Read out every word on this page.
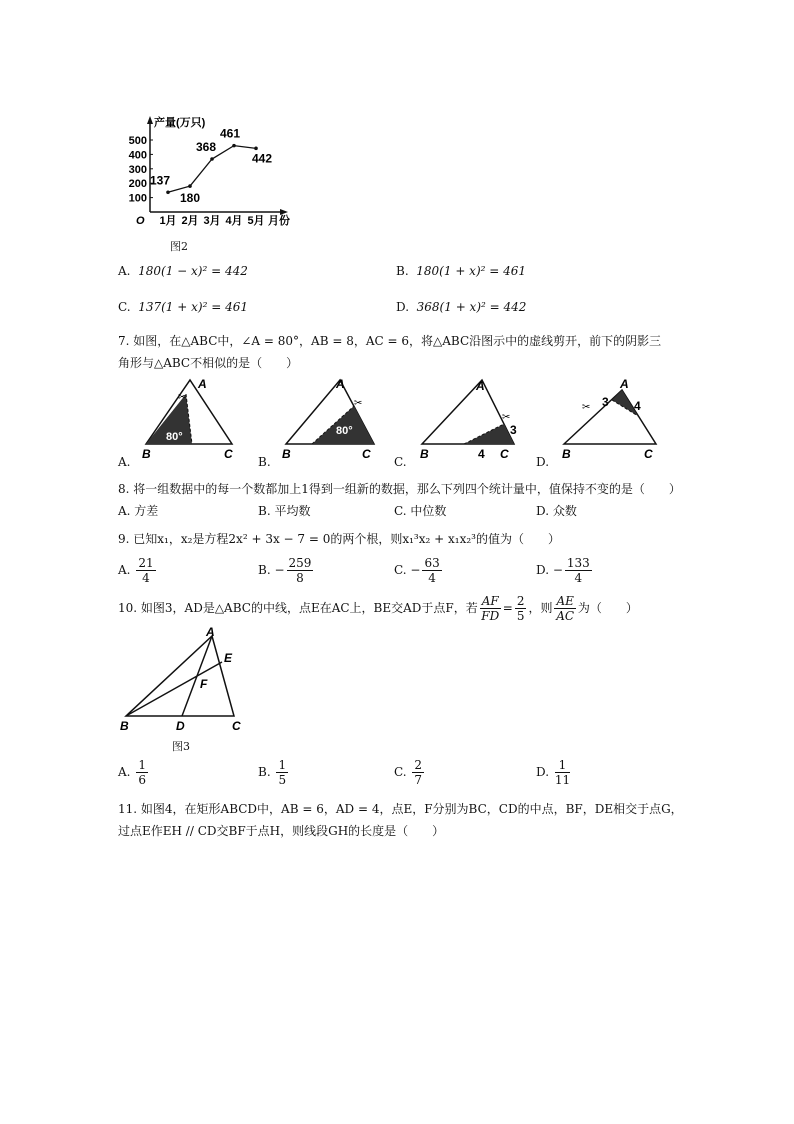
产量(万只)
月份
O
100
200
300
400
500
1月 2月 3月 4月 5月
137
180
368
461
442
图2
A. 180(1 − x)² = 442	B. 180(1 + x)² = 461
C. 137(1 + x)² = 461	D. 368(1 + x)² = 442
7. 如图，在△ABC中，∠A = 80°，AB = 8，AC = 6，将△ABC沿图示中的虚线剪开，前下的阴影三
角形与△ABC不相似的是（　　）
80°
A
B	C
✂
A.
80°
A
B	C
✂
B.
4
3
A
B	C
✂
C.
3 4
A
B	C
✂
D.
8. 将一组数据中的每一个数都加上1得到一组新的数据，那么下列四个统计量中，值保持不变的是（　　）
A. 方差	B. 平均数	C. 中位数	D. 众数
9. 已知x₁，x₂是方程2x² + 3x − 7 = 0的两个根，则x₁³x₂ + x₁x₂³的值为（　　）
A. $\frac{21}{4}$	B. − $\frac{259}{8}$	C. − $\frac{63}{4}$	D. − $\frac{133}{4}$
10. 如图3，AD是△ABC的中线，点E在AC上，BE交AD于点F，若 $\frac{AF}{FD} = \frac{2}{5}$ ，则 $\frac{AE}{AC}$ 为（　　）
A
B	C
D
E
F
图3
A. $\frac{1}{6}$	B. $\frac{1}{5}$	C. $\frac{2}{7}$	D. $\frac{1}{11}$
11. 如图4，在矩形ABCD中，AB = 6，AD = 4，点E，F分别为BC，CD的中点，BF，DE相交于点G，
过点E作EH // CD交BF于点H，则线段GH的长度是（　　）
